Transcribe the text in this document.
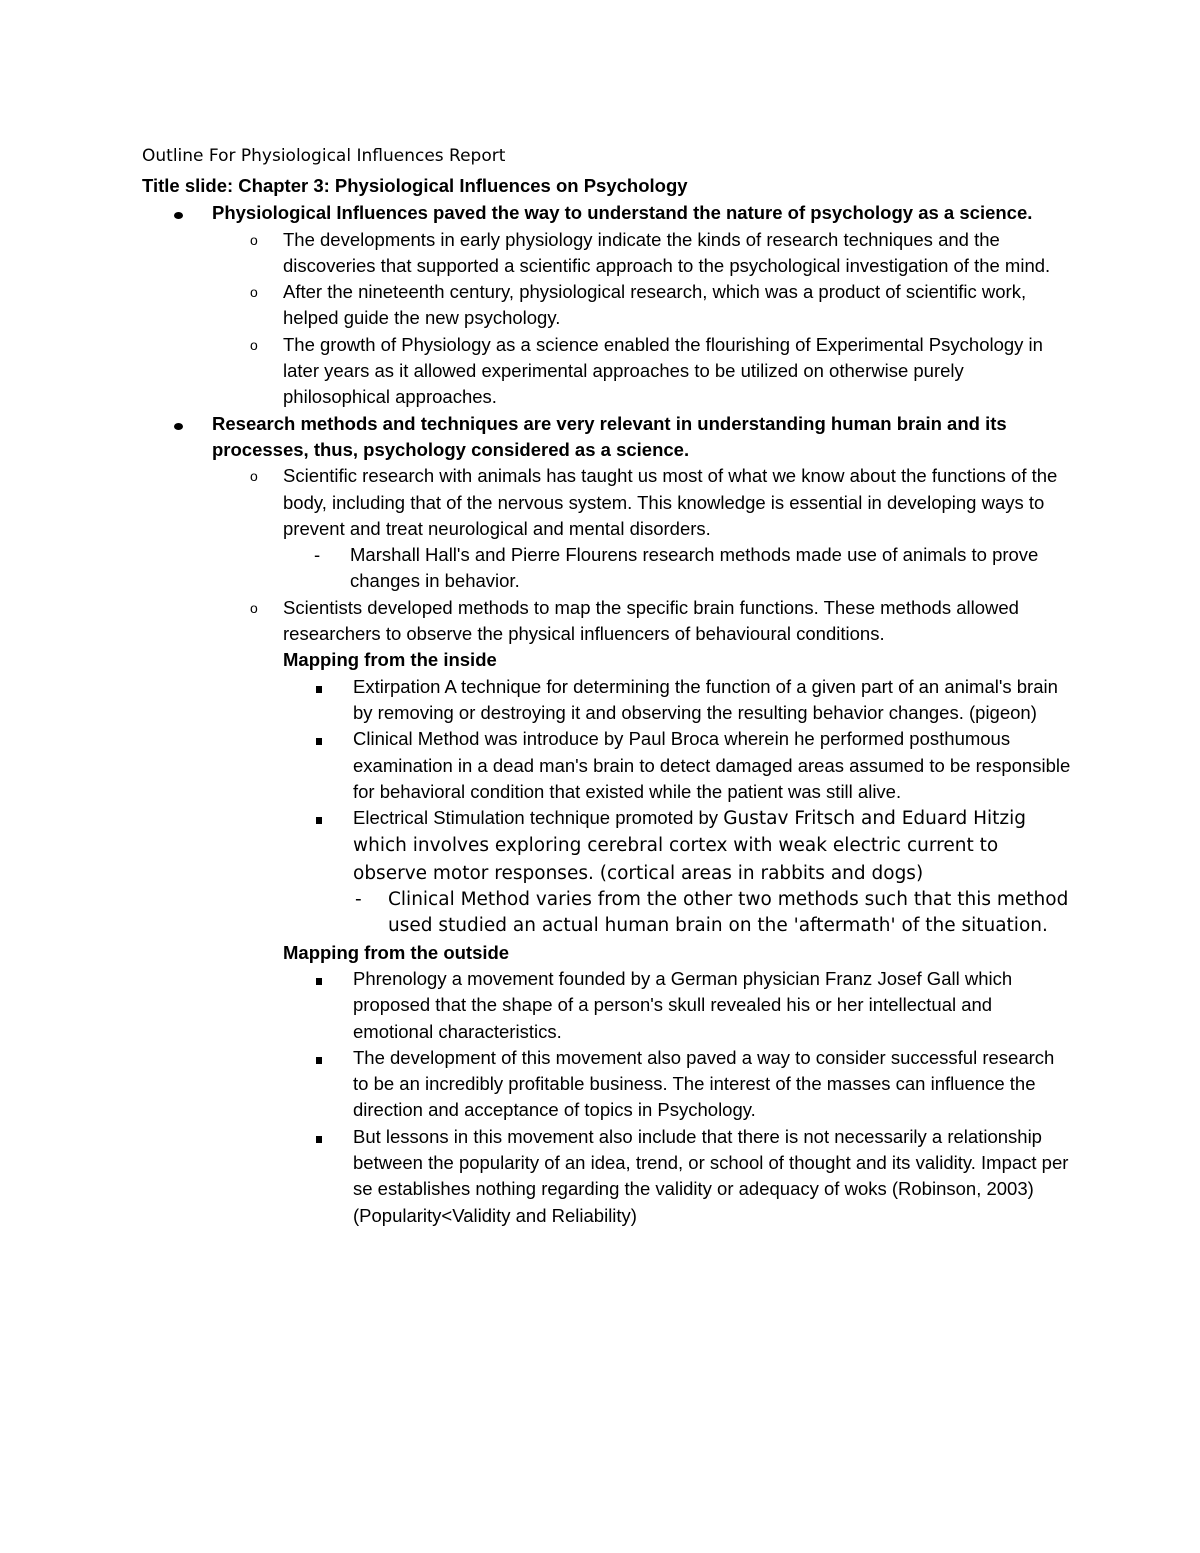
Outline For Physiological Influences Report
Title slide: Chapter 3: Physiological Influences on Psychology
Physiological Influences paved the way to understand the nature of psychology as a science.
o	The developments in early physiology indicate the kinds of research techniques and the discoveries that supported a scientific approach to the psychological investigation of the mind.
o	After the nineteenth century, physiological research, which was a product of scientific work, helped guide the new psychology.
o	The growth of Physiology as a science enabled the flourishing of Experimental Psychology in later years as it allowed experimental approaches to be utilized on otherwise purely philosophical approaches.
Research methods and techniques are very relevant in understanding human brain and its processes, thus, psychology considered as a science.
o	Scientific research with animals has taught us most of what we know about the functions of the body, including that of the nervous system. This knowledge is essential in developing ways to prevent and treat neurological and mental disorders.
- Marshall Hall's and Pierre Flourens research methods made use of animals to prove changes in behavior.
o	Scientists developed methods to map the specific brain functions. These methods allowed researchers to observe the physical influencers of behavioural conditions.
Mapping from the inside
Extirpation A technique for determining the function of a given part of an animal's brain by removing or destroying it and observing the resulting behavior changes. (pigeon)
Clinical Method was introduce by Paul Broca wherein he performed posthumous examination in a dead man's brain to detect damaged areas assumed to be responsible for behavioral condition that existed while the patient was still alive.
Electrical Stimulation technique promoted by Gustav Fritsch and Eduard Hitzig which involves exploring cerebral cortex with weak electric current to observe motor responses. (cortical areas in rabbits and dogs)
- Clinical Method varies from the other two methods such that this method used studied an actual human brain on the 'aftermath' of the situation.
Mapping from the outside
Phrenology a movement founded by a German physician Franz Josef Gall which proposed that the shape of a person's skull revealed his or her intellectual and emotional characteristics.
The development of this movement also paved a way to consider successful research to be an incredibly profitable business. The interest of the masses can influence the direction and acceptance of topics in Psychology.
But lessons in this movement also include that there is not necessarily a relationship between the popularity of an idea, trend, or school of thought and its validity. Impact per se establishes nothing regarding the validity or adequacy of woks (Robinson, 2003) (Popularity<Validity and Reliability)
